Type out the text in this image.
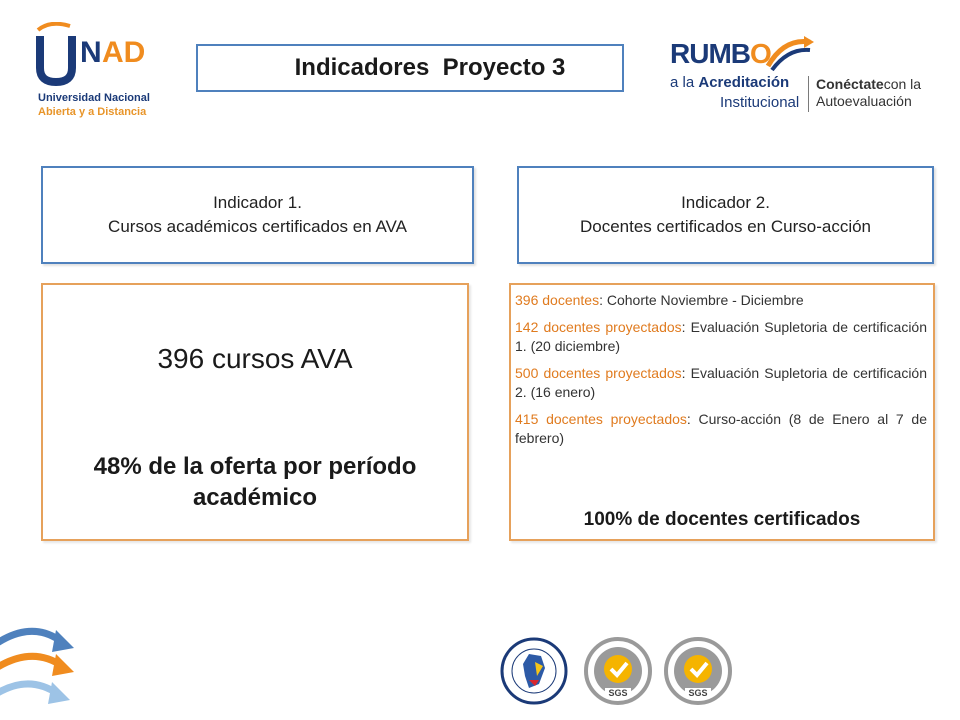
N AD
Universidad Nacional
Abierta y a Distancia
Indicadores  Proyecto 3	RUMBO
a la Acreditación
Institucional
Conéctatecon la
Autoevaluación
Indicador 1.
Cursos académicos certificados en AVA
Indicador 2.
Docentes certificados en Curso-acción
396 cursos AVA
48% de la oferta por período académico

396 docentes: Cohorte Noviembre - Diciembre

142 docentes proyectados: Evaluación Supletoria de certificación 1. (20 diciembre)

500 docentes proyectados: Evaluación Supletoria de certificación 2. (16 enero)

415 docentes proyectados: Curso-acción (8 de Enero al 7 de febrero)

100% de docentes certificados
SGS	SGS
